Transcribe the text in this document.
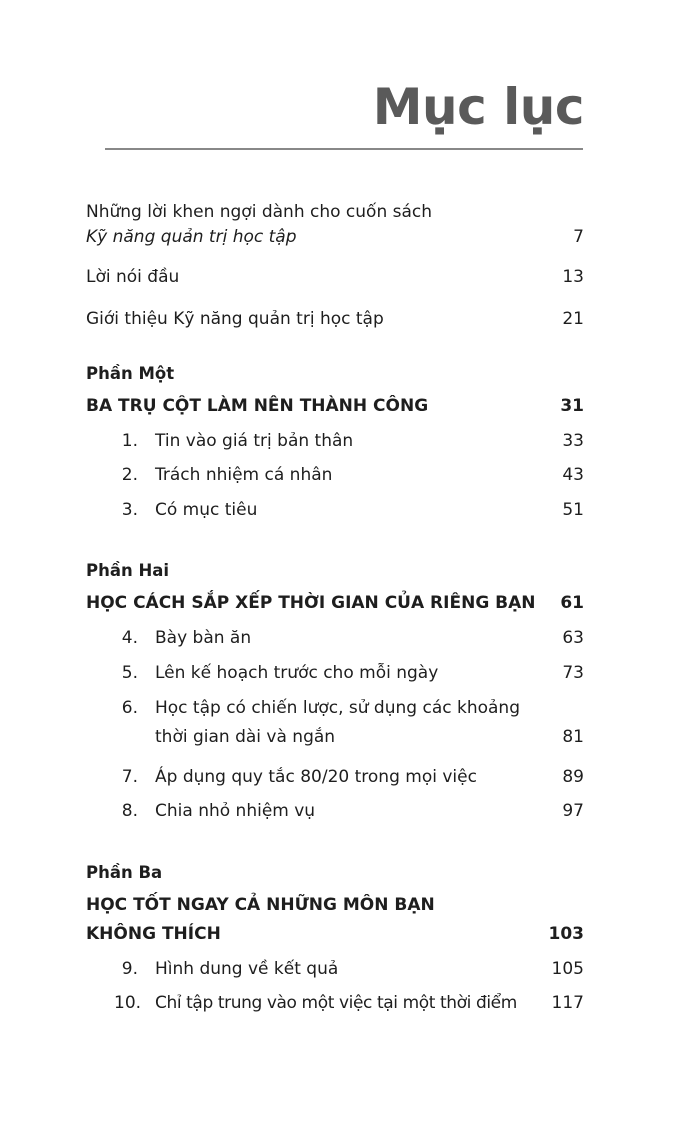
Mục lục
Những lời khen ngợi dành cho cuốn sách
Kỹ năng quản trị học tập	7
Lời nói đầu	13
Giới thiệu Kỹ năng quản trị học tập	21
Phần Một
BA TRỤ CỘT LÀM NÊN THÀNH CÔNG	31
1. Tin vào giá trị bản thân	33
2. Trách nhiệm cá nhân	43
3. Có mục tiêu	51
Phần Hai
HỌC CÁCH SẮP XẾP THỜI GIAN CỦA RIÊNG BẠN 61
4. Bày bàn ăn	63
5. Lên kế hoạch trước cho mỗi ngày	73
6. Học tập có chiến lược, sử dụng các khoảng
thời gian dài và ngắn	81
7. Áp dụng quy tắc 80/20 trong mọi việc	89
8. Chia nhỏ nhiệm vụ	97
Phần Ba
HỌC TỐT NGAY CẢ NHỮNG MÔN BẠN
KHÔNG THÍCH	103
9. Hình dung về kết quả	105
10. Chỉ tập trung vào một việc tại một thời điểm 117
